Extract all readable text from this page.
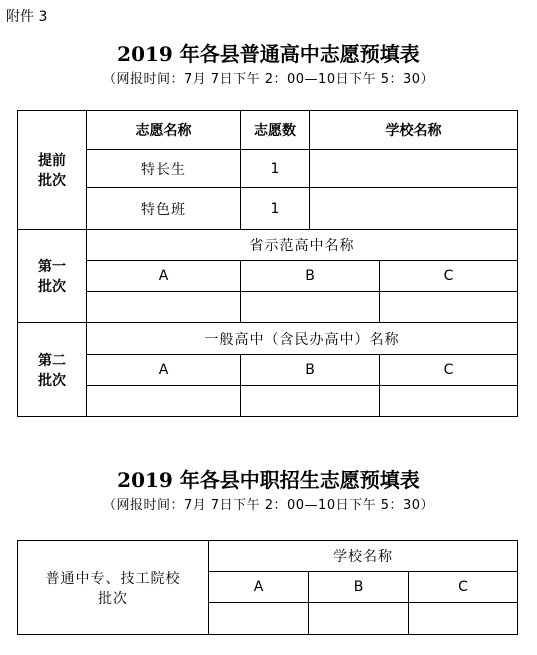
附件 3
2019 年各县普通高中志愿预填表
（网报时间：7月 7日下午 2：00—10日下午 5：30）
提前
批次	志愿名称	志愿数	学校名称	
	特长生	1		
	特色班	1		

第一
批次	省示范高中名称			
	A	B		C

第二
批次	一般高中（含民办高中）名称			
	A	B		C

2019 年各县中职招生志愿预填表
（网报时间：7月 7日下午 2：00—10日下午 5：30）
普通中专、技工院校
批次	学校名称		
	A	B	C
